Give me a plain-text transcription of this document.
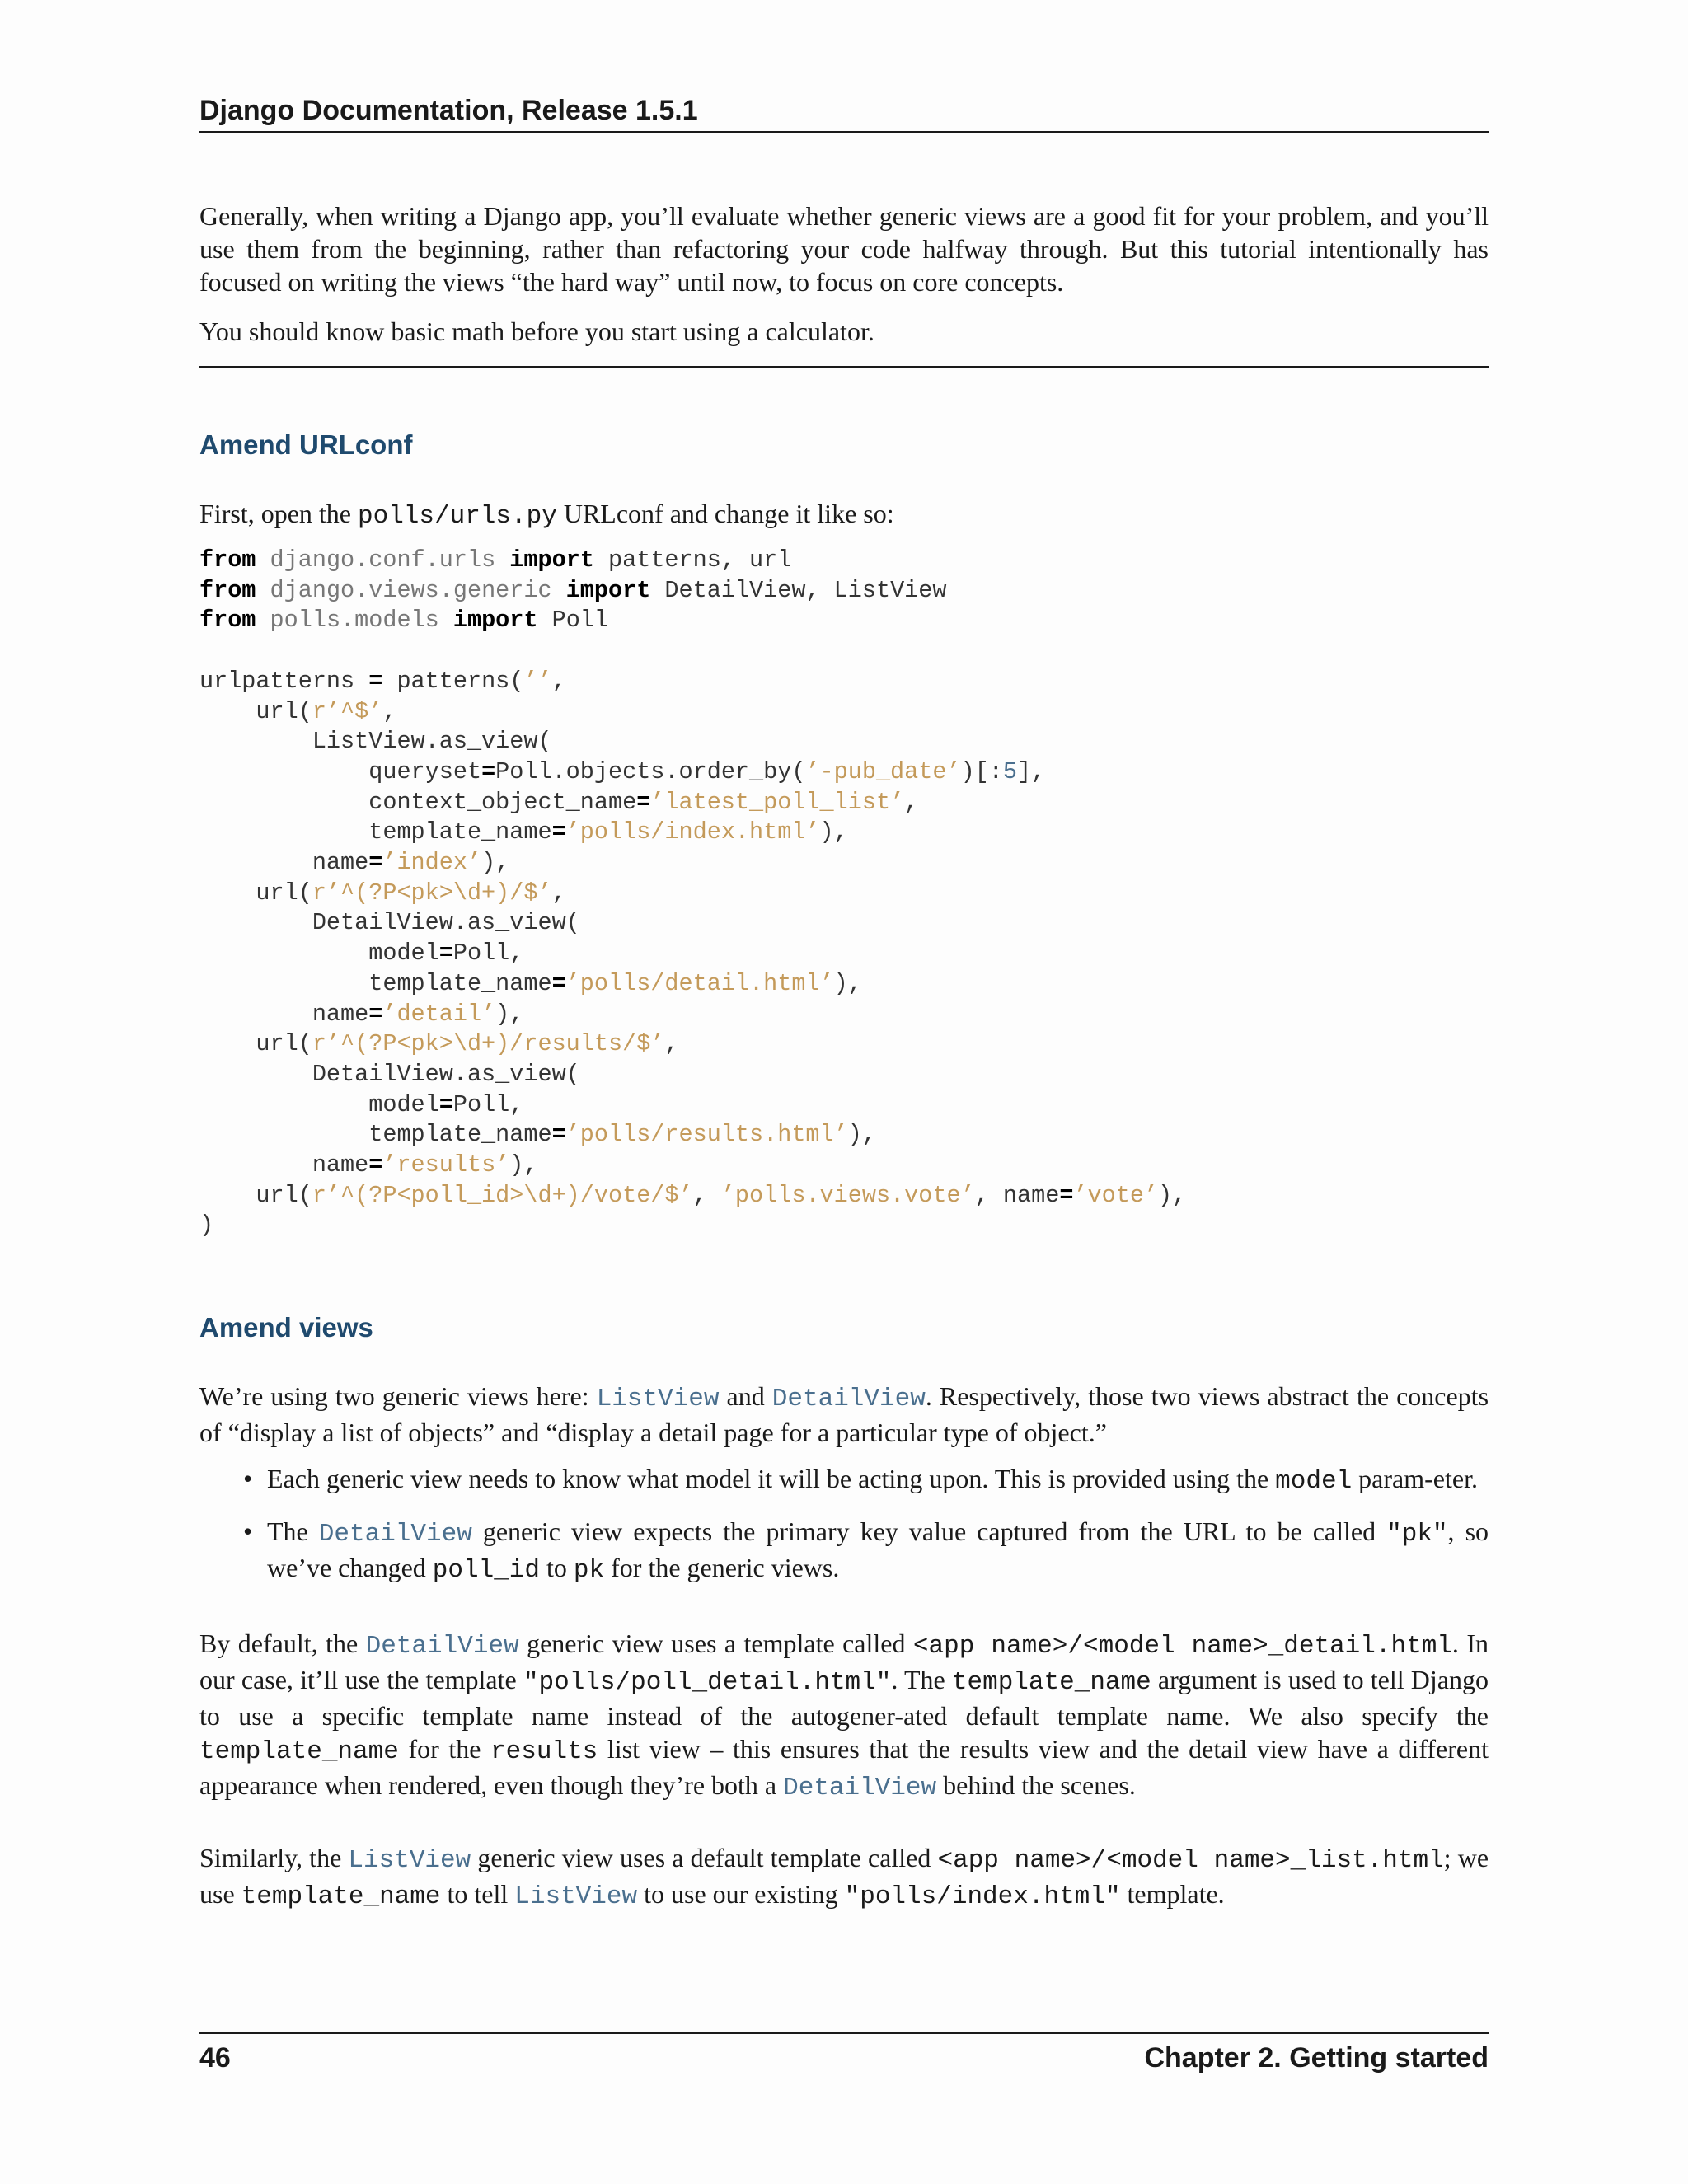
Django Documentation, Release 1.5.1

Generally, when writing a Django app, you’ll evaluate whether generic views are a good fit for your problem, and you’ll use them from the beginning, rather than refactoring your code halfway through. But this tutorial intentionally has focused on writing the views “the hard way” until now, to focus on core concepts.

You should know basic math before you start using a calculator.

Amend URLconf

First, open the polls/urls.py URLconf and change it like so:

from django.conf.urls import patterns, url
from django.views.generic import DetailView, ListView
from polls.models import Poll

urlpatterns = patterns(’’,
url(r’^$’,
ListView.as_view(
queryset=Poll.objects.order_by(’-pub_date’)[:5],
context_object_name=’latest_poll_list’,
template_name=’polls/index.html’),
name=’index’),
url(r’^(?P<pk>\d+)/$’,
DetailView.as_view(
model=Poll,
template_name=’polls/detail.html’),
name=’detail’),
url(r’^(?P<pk>\d+)/results/$’,
DetailView.as_view(
model=Poll,
template_name=’polls/results.html’),
name=’results’),
url(r’^(?P<poll_id>\d+)/vote/$’, ’polls.views.vote’, name=’vote’),
)
Amend views

We’re using two generic views here: ListView and DetailView. Respectively, those two views abstract the concepts of “display a list of objects” and “display a detail page for a particular type of object.”

• Each generic view needs to know what model it will be acting upon. This is provided using the model param-eter.
• The DetailView generic view expects the primary key value captured from the URL to be called "pk", so we’ve changed poll_id to pk for the generic views.

By default, the DetailView generic view uses a template called <app name>/<model name>_detail.html. In our case, it’ll use the template "polls/poll_detail.html". The template_name argument is used to tell Django to use a specific template name instead of the autogener-ated default template name. We also specify the template_name for the results list view – this ensures that the results view and the detail view have a different appearance when rendered, even though they’re both a DetailView behind the scenes.

Similarly, the ListView generic view uses a default template called <app name>/<model name>_list.html; we use template_name to tell ListView to use our existing "polls/index.html" template.

46	Chapter 2. Getting started
